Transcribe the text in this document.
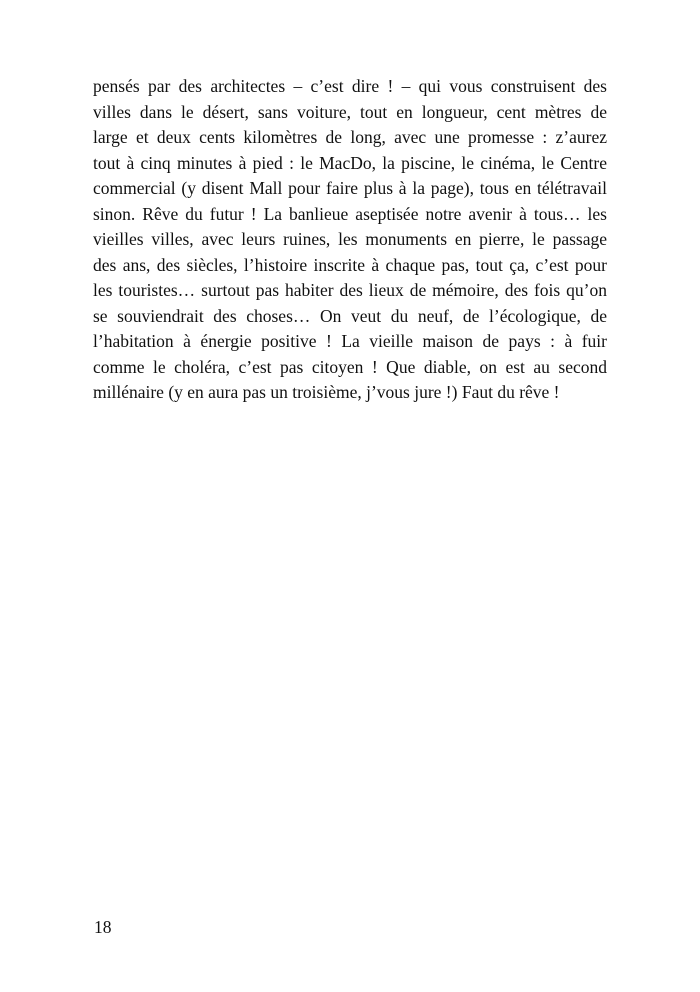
pensés par des architectes – c’est dire ! – qui vous construisent des
villes dans le désert, sans voiture, tout en longueur, cent mètres de
large et deux cents kilomètres de long, avec une promesse : z’aurez
tout à cinq minutes à pied : le MacDo, la piscine, le cinéma, le Centre
commercial (y disent Mall pour faire plus à la page), tous en télétravail
sinon. Rêve du futur ! La banlieue aseptisée notre avenir à tous… les
vieilles villes, avec leurs ruines, les monuments en pierre, le passage
des ans, des siècles, l’histoire inscrite à chaque pas, tout ça, c’est pour
les touristes… surtout pas habiter des lieux de mémoire, des fois qu’on
se souviendrait des choses… On veut du neuf, de l’écologique, de
l’habitation à énergie positive ! La vieille maison de pays : à fuir
comme le choléra, c’est pas citoyen ! Que diable, on est au second
millénaire (y en aura pas un troisième, j’vous jure !) Faut du rêve !
18
